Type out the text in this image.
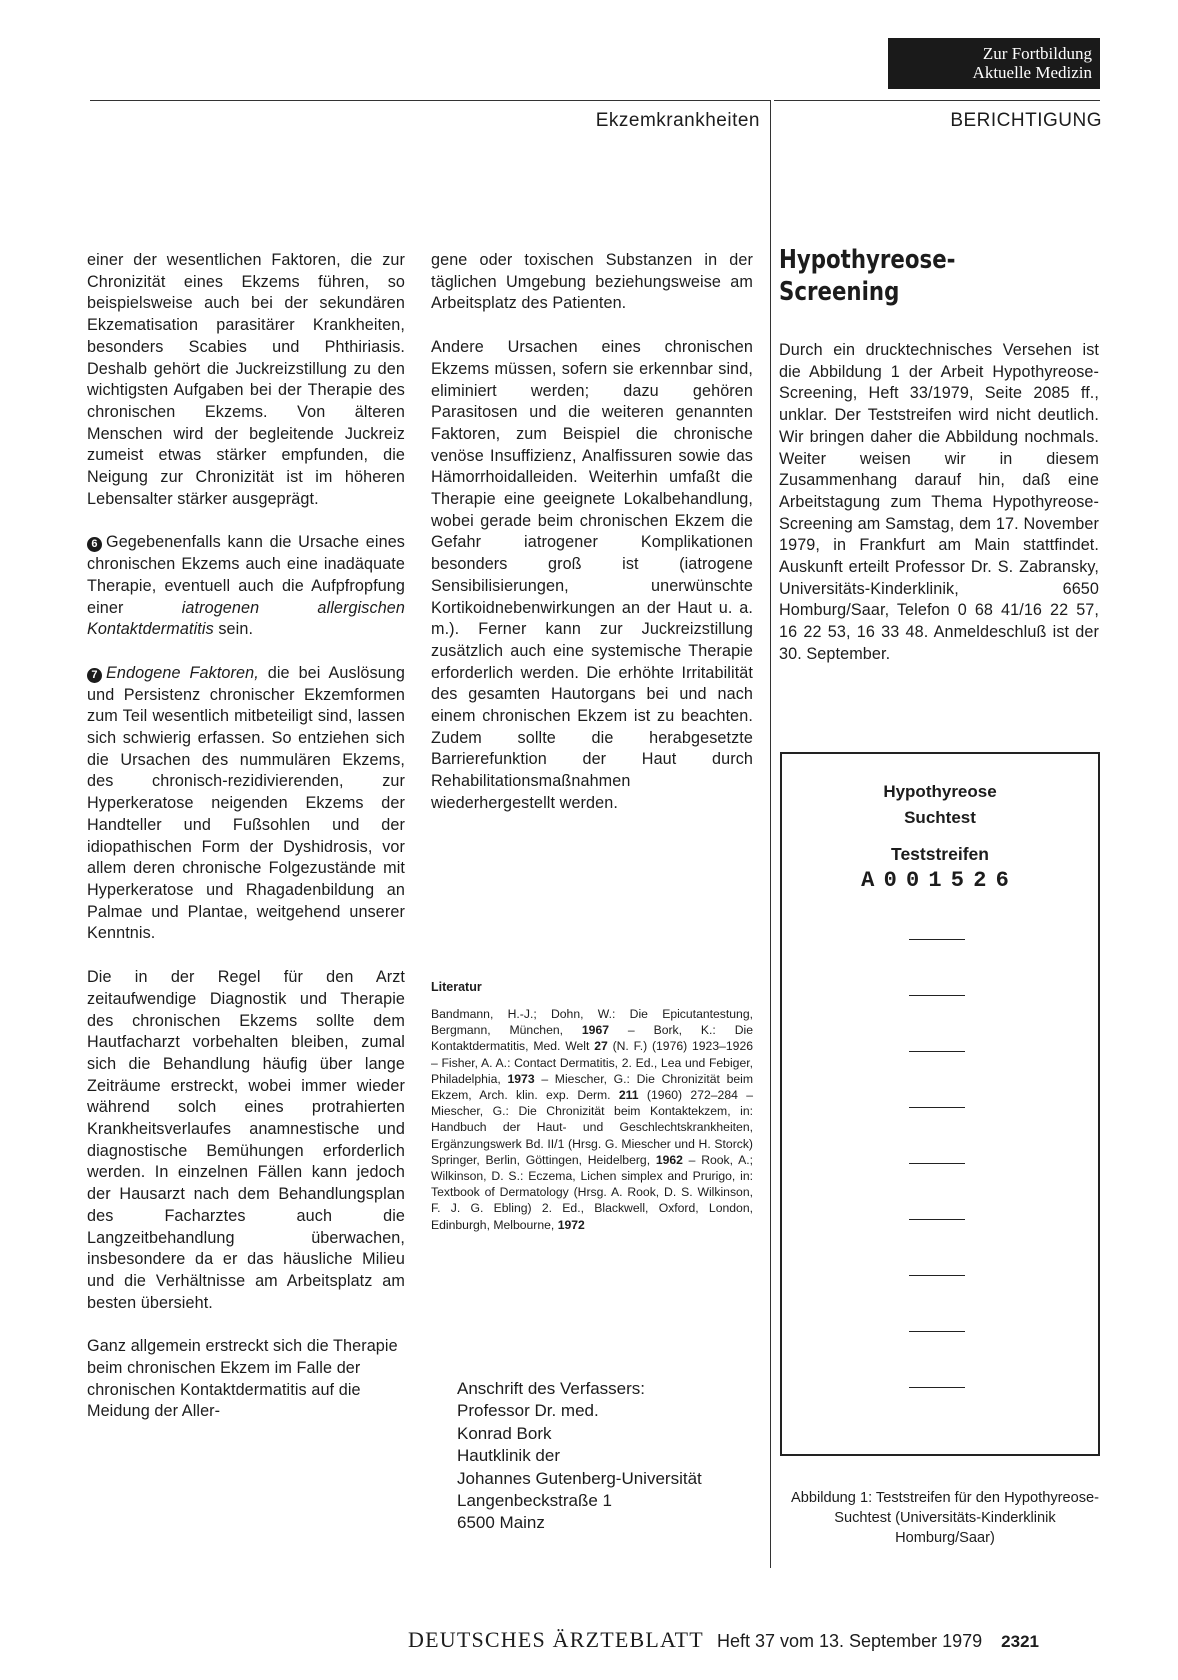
Zur Fortbildung
Aktuelle Medizin
Ekzemkrankheiten	BERICHTIGUNG

einer der wesentlichen Faktoren, die zur Chronizität eines Ekzems führen, so beispielsweise auch bei der sekundären Ekzematisation parasitärer Krankheiten, besonders Scabies und Phthiriasis. Deshalb gehört die Juckreizstillung zu den wichtigsten Aufgaben bei der Therapie des chronischen Ekzems. Von älteren Menschen wird der begleitende Juckreiz zumeist etwas stärker empfunden, die Neigung zur Chronizität ist im höheren Lebensalter stärker ausgeprägt.

6 Gegebenenfalls kann die Ursache eines chronischen Ekzems auch eine inadäquate Therapie, eventuell auch die Aufpfropfung einer iatrogenen allergischen Kontaktdermatitis sein.

7 Endogene Faktoren, die bei Auslösung und Persistenz chronischer Ekzemformen zum Teil wesentlich mitbeteiligt sind, lassen sich schwierig erfassen. So entziehen sich die Ursachen des nummulären Ekzems, des chronisch-rezidivierenden, zur Hyperkeratose neigenden Ekzems der Handteller und Fußsohlen und der idiopathischen Form der Dyshidrosis, vor allem deren chronische Folgezustände mit Hyperkeratose und Rhagadenbildung an Palmae und Plantae, weitgehend unserer Kenntnis.

Die in der Regel für den Arzt zeitaufwendige Diagnostik und Therapie des chronischen Ekzems sollte dem Hautfacharzt vorbehalten bleiben, zumal sich die Behandlung häufig über lange Zeiträume erstreckt, wobei immer wieder während solch eines protrahierten Krankheitsverlaufes anamnestische und diagnostische Bemühungen erforderlich werden. In einzelnen Fällen kann jedoch der Hausarzt nach dem Behandlungsplan des Facharztes auch die Langzeitbehandlung überwachen, insbesondere da er das häusliche Milieu und die Verhältnisse am Arbeitsplatz am besten übersieht.

Ganz allgemein erstreckt sich die Therapie beim chronischen Ekzem im Falle der chronischen Kontaktdermatitis auf die Meidung der Aller-

gene oder toxischen Substanzen in der täglichen Umgebung beziehungsweise am Arbeitsplatz des Patienten.

Andere Ursachen eines chronischen Ekzems müssen, sofern sie erkennbar sind, eliminiert werden; dazu gehören Parasitosen und die weiteren genannten Faktoren, zum Beispiel die chronische venöse Insuffizienz, Analfissuren sowie das Hämorrhoidalleiden. Weiterhin umfaßt die Therapie eine geeignete Lokalbehandlung, wobei gerade beim chronischen Ekzem die Gefahr iatrogener Komplikationen besonders groß ist (iatrogene Sensibilisierungen, unerwünschte Kortikoidnebenwirkungen an der Haut u. a. m.). Ferner kann zur Juckreizstillung zusätzlich auch eine systemische Therapie erforderlich werden. Die erhöhte Irritabilität des gesamten Hautorgans bei und nach einem chronischen Ekzem ist zu beachten. Zudem sollte die herabgesetzte Barrierefunktion der Haut durch Rehabilitationsmaßnahmen wiederhergestellt werden.

Literatur
Bandmann, H.-J.; Dohn, W.: Die Epicutantestung, Bergmann, München, 1967 – Bork, K.: Die Kontaktdermatitis, Med. Welt 27 (N. F.) (1976) 1923–1926 – Fisher, A. A.: Contact Dermatitis, 2. Ed., Lea und Febiger, Philadelphia, 1973 – Miescher, G.: Die Chronizität beim Ekzem, Arch. klin. exp. Derm. 211 (1960) 272–284 – Miescher, G.: Die Chronizität beim Kontaktekzem, in: Handbuch der Haut- und Geschlechtskrankheiten, Ergänzungswerk Bd. II/1 (Hrsg. G. Miescher und H. Storck) Springer, Berlin, Göttingen, Heidelberg, 1962 – Rook, A.; Wilkinson, D. S.: Eczema, Lichen simplex and Prurigo, in: Textbook of Dermatology (Hrsg. A. Rook, D. S. Wilkinson, F. J. G. Ebling) 2. Ed., Blackwell, Oxford, London, Edinburgh, Melbourne, 1972
Anschrift des Verfassers:
Professor Dr. med.
Konrad Bork
Hautklinik der
Johannes Gutenberg-Universität
Langenbeckstraße 1
6500 Mainz
Hypothyreose-
Screening

Durch ein drucktechnisches Versehen ist die Abbildung 1 der Arbeit Hypothyreose-Screening, Heft 33/1979, Seite 2085 ff., unklar. Der Teststreifen wird nicht deutlich. Wir bringen daher die Abbildung nochmals. Weiter weisen wir in diesem Zusammenhang darauf hin, daß eine Arbeitstagung zum Thema Hypothyreose-Screening am Samstag, dem 17. November 1979, in Frankfurt am Main stattfindet. Auskunft erteilt Professor Dr. S. Zabransky, Universitäts-Kinderklinik, 6650 Homburg/Saar, Telefon 0 68 41/16 22 57, 16 22 53, 16 33 48. Anmeldeschluß ist der 30. September.

Hypothyreose
Suchtest
Teststreifen
A 0 0 1 5 2 6
Abbildung 1: Teststreifen für den Hypothyreose-Suchtest (Universitäts-Kinderklinik Homburg/Saar)
DEUTSCHES ÄRZTEBLATT Heft 37 vom 13. September 1979 2321
